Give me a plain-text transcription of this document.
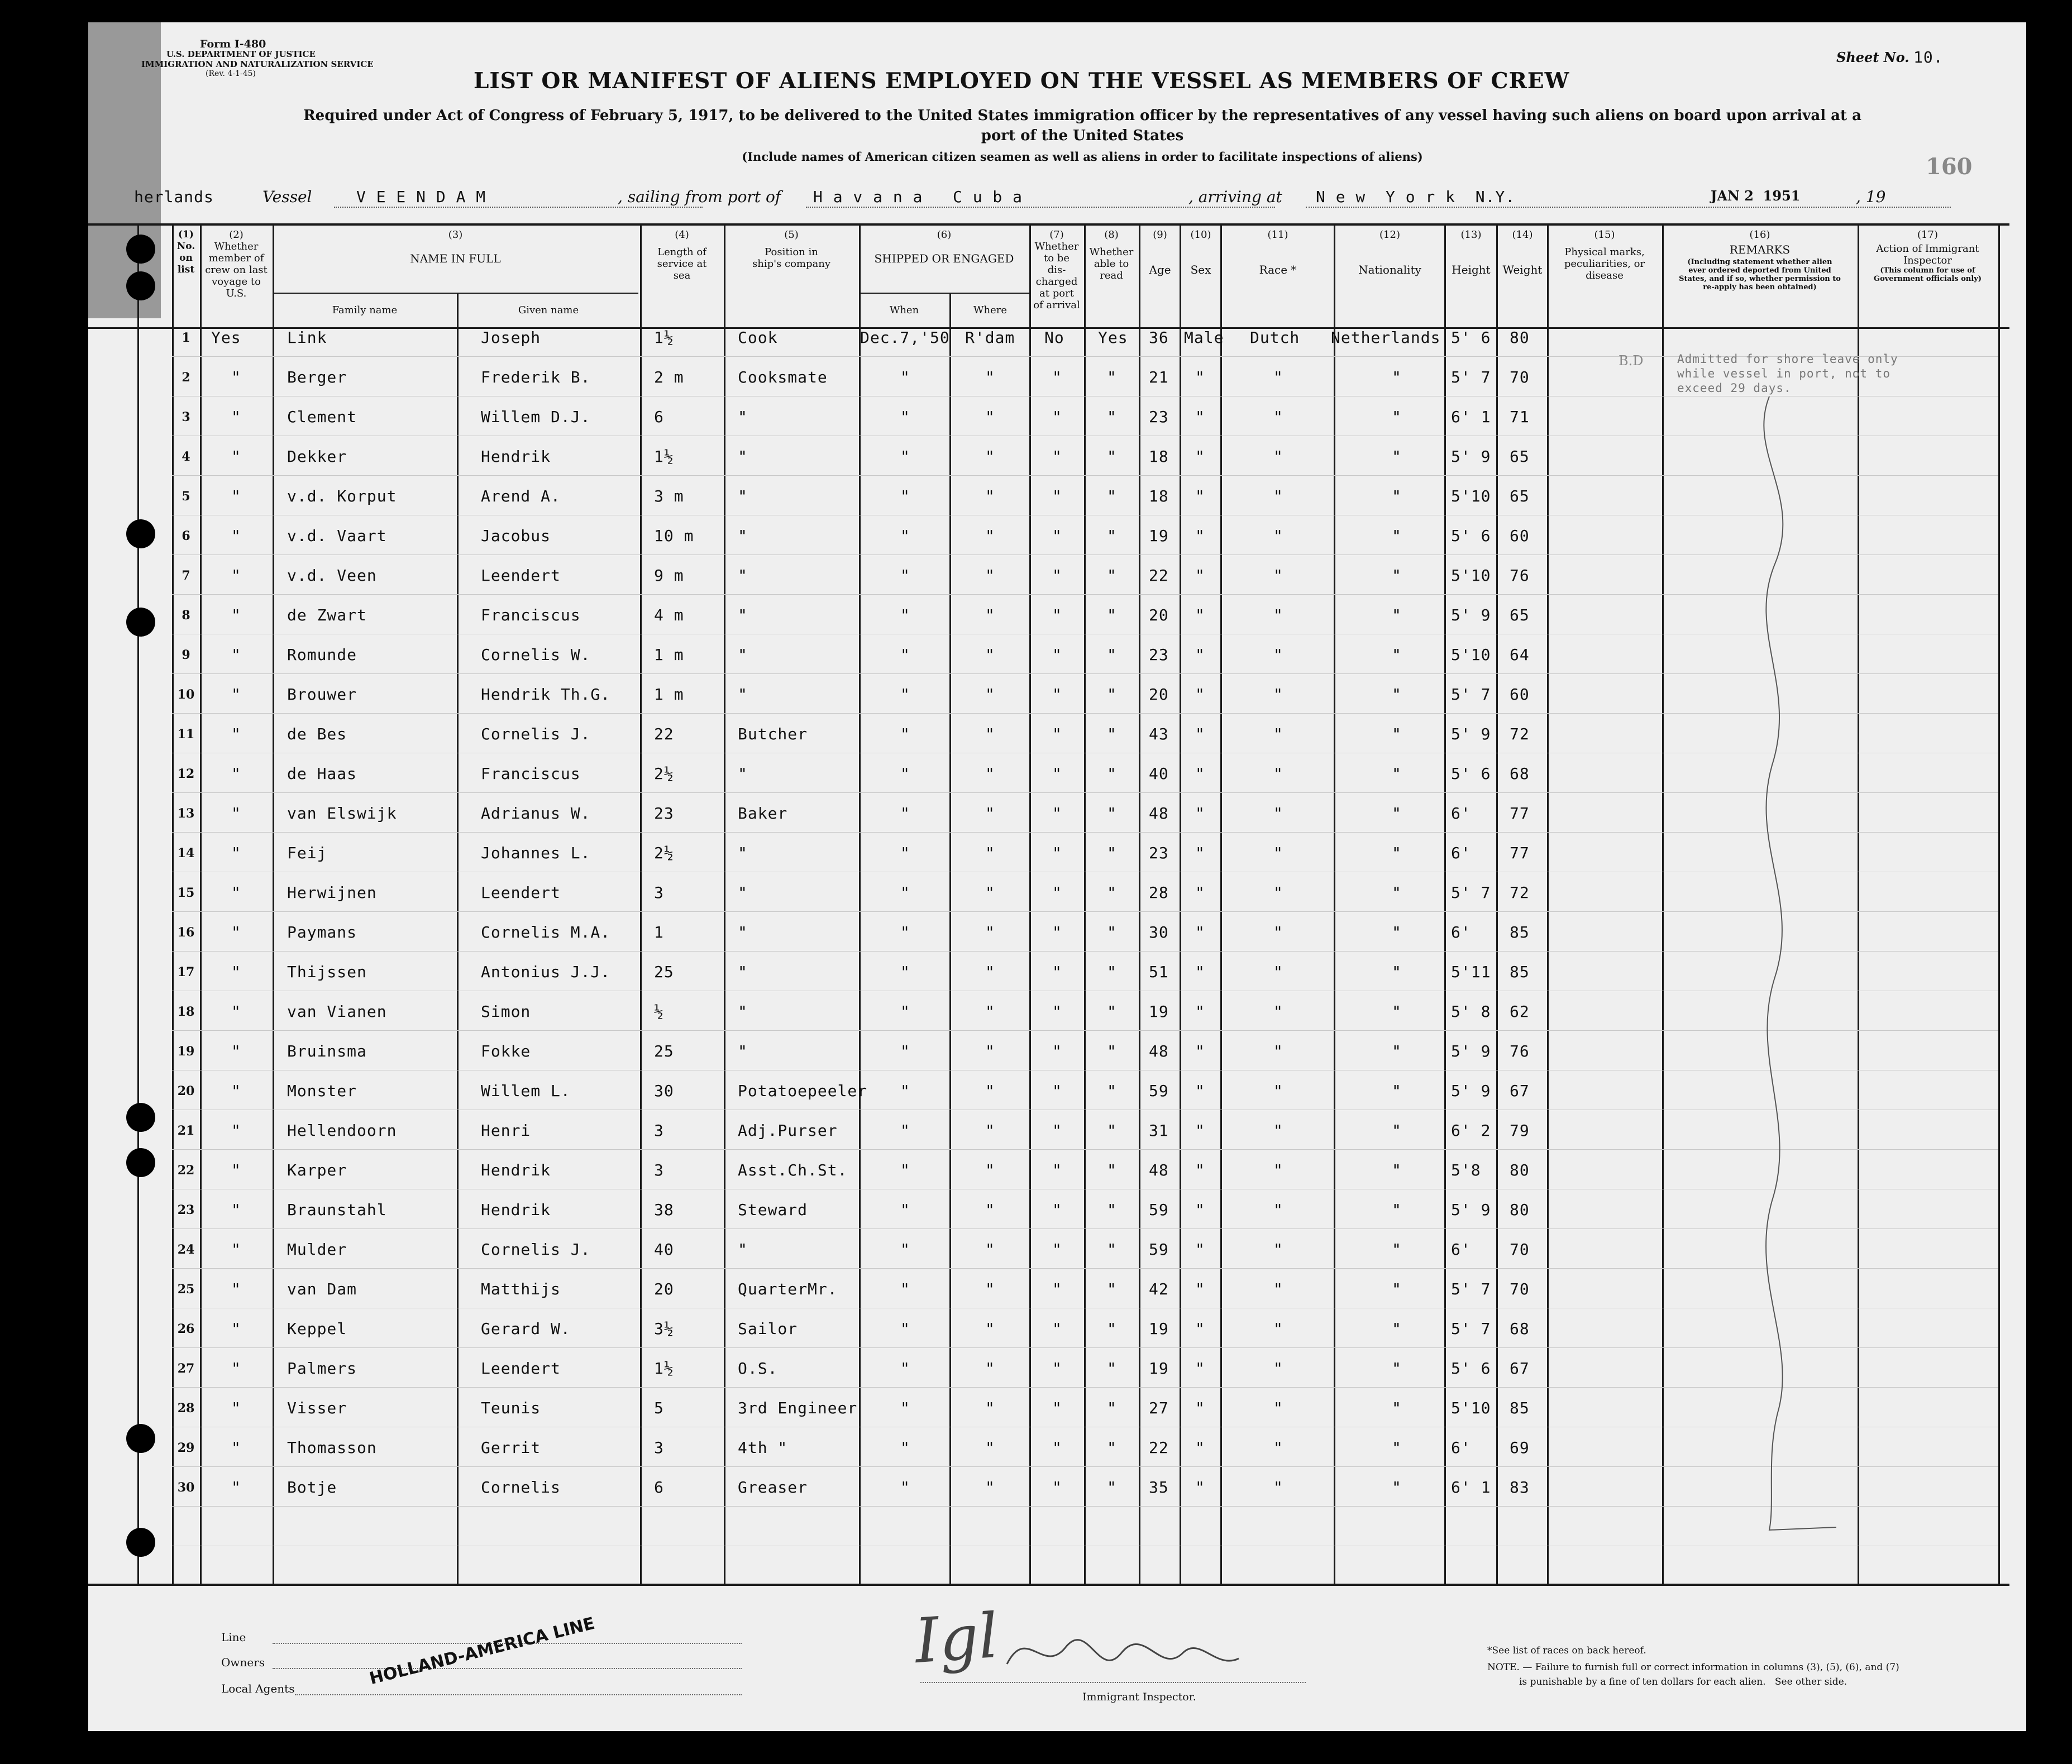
Form I-480
U.S. DEPARTMENT OF JUSTICE
IMMIGRATION AND NATURALIZATION SERVICE
(Rev. 4-1-45)
Sheet No. 10.
LIST OR MANIFEST OF ALIENS EMPLOYED ON THE VESSEL AS MEMBERS OF CREW
Required under Act of Congress of February 5, 1917, to be delivered to the United States immigration officer by the representatives of any vessel having such aliens on board upon arrival at a
port of the United States
(Include names of American citizen seamen as well as aliens in order to facilitate inspections of aliens)	160
herlands	Vessel	V E E N D A M	, sailing from port of H a v a n a   C u b a	, arriving at N e w  Y o r k  N.Y.	JAN 2  1951	, 19
(1)
No. on list
(2)
Whether member of crew on last voyage to U.S.
(3)
NAME IN FULL
Family name	Given name
(4)
Length of service at sea
(5)
Position in ship's company
(6)
SHIPPED OR ENGAGED
When	Where
(7)
Whether to be dis-charged at port of arrival
(8)
Whether able to read
(9)
Age
(10)
Sex
(11)
Race *
(12)
Nationality
(13)
Height
(14)
Weight
(15)
Physical marks, peculiarities, or disease
(16)
REMARKS
(Including statement whether alien ever ordered deported from United States, and if so, whether permission to re-apply has been obtained)
(17)
Action of Immigrant Inspector
(This column for use of Government officials only)
1	Yes	Link	Joseph	1½	Cook	Dec.7,'50 R'dam No Yes 36 Male Dutch Netherlands 5' 6 80
2	"	Berger	Frederik B.	2 m	Cooksmate	"	"	"	" 21 "	"	"	5' 7 70
3	"	Clement	Willem D.J.	6	"	"	"	"	" 23 "	"	"	6' 1 71
4	"	Dekker	Hendrik	1½	"	"	"	"	" 18 "	"	"	5' 9 65
5	"	v.d. Korput	Arend A.	3 m	"	"	"	"	" 18 "	"	"	5'10 65
6	"	v.d. Vaart	Jacobus	10 m	"	"	"	"	" 19 "	"	"	5' 6 60
7	"	v.d. Veen	Leendert	9 m	"	"	"	"	" 22 "	"	"	5'10 76
8	"	de Zwart	Franciscus	4 m	"	"	"	"	" 20 "	"	"	5' 9 65
9	"	Romunde	Cornelis W.	1 m	"	"	"	"	" 23 "	"	"	5'10 64
10	"	Brouwer	Hendrik Th.G.	1 m	"	"	"	"	" 20 "	"	"	5' 7 60
11	"	de Bes	Cornelis J.	22	Butcher	"	"	"	" 43 "	"	"	5' 9 72
12	"	de Haas	Franciscus	2½	"	"	"	"	" 40 "	"	"	5' 6 68
13	"	van Elswijk	Adrianus W.	23	Baker	"	"	"	" 48 "	"	"	6' 77
14	"	Feij	Johannes L.	2½	"	"	"	"	" 23 "	"	"	6' 77
15	"	Herwijnen	Leendert	3	"	"	"	"	" 28 "	"	"	5' 7 72
16	"	Paymans	Cornelis M.A.	1	"	"	"	"	" 30 "	"	"	6' 85
17	"	Thijssen	Antonius J.J.	25	"	"	"	"	" 51 "	"	"	5'11 85
18	"	van Vianen	Simon	½	"	"	"	"	" 19 "	"	"	5' 8 62
19	"	Bruinsma	Fokke	25	"	"	"	"	" 48 "	"	"	5' 9 76
20	"	Monster	Willem L.	30	Potatoepeeler "	"	"	" 59 "	"	"	5' 9 67
21	"	Hellendoorn	Henri	3	Adj.Purser	"	"	"	" 31 "	"	"	6' 2 79
22	"	Karper	Hendrik	3	Asst.Ch.St.	"	"	"	" 48 "	"	"	5'8 80
23	"	Braunstahl	Hendrik	38	Steward	"	"	"	" 59 "	"	"	5' 9 80
24	"	Mulder	Cornelis J.	40	"	"	"	"	" 59 "	"	"	6' 70
25	"	van Dam	Matthijs	20	QuarterMr.	"	"	"	" 42 "	"	"	5' 7 70
26	"	Keppel	Gerard W.	3½	Sailor	"	"	"	" 19 "	"	"	5' 7 68
27	"	Palmers	Leendert	1½	O.S.	"	"	"	" 19 "	"	"	5' 6 67
28	"	Visser	Teunis	5	3rd Engineer	"	"	"	" 27 "	"	"	5'10 85
29	"	Thomasson	Gerrit	3	4th "	"	"	"	" 22 "	"	"	6' 69
30	"	Botje	Cornelis	6	Greaser	"	"	"	" 35 "	"	"	6' 1 83
Admitted for shore leave only
while vessel in port, not to
exceed 29 days.
B.D
Line
Owners
Local Agents
HOLLAND-AMERICA LINE	Igl
Immigrant Inspector.
*See list of races on back hereof.
NOTE. — Failure to furnish full or correct information in columns (3), (5), (6), and (7)
is punishable by a fine of ten dollars for each alien.   See other side.
